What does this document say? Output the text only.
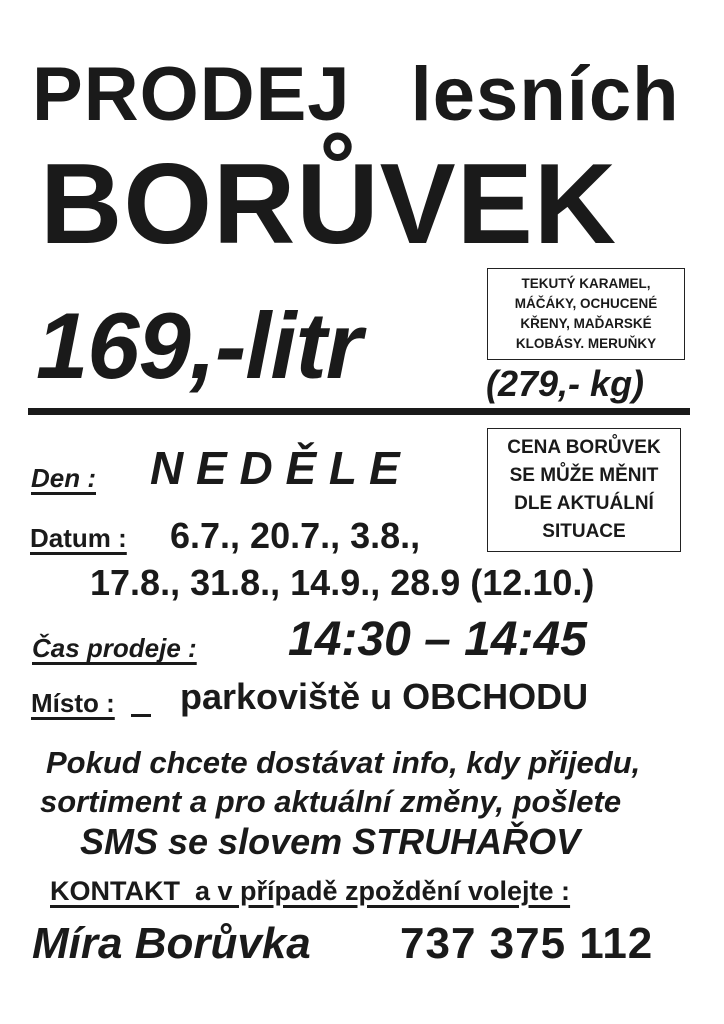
PRODEJ lesních
BORŮVEK
169,-litr
TEKUTÝ KARAMEL,
MÁČÁKY, OCHUCENÉ
KŘENY, MAĎARSKÉ
KLOBÁSY. MERUŇKY
(279,- kg)
Den : N E D Ě L E	CENA BORŮVEK
SE MŮŽE MĚNIT
DLE AKTUÁLNÍ
SITUACE
Datum : 6.7., 20.7., 3.8.,
17.8., 31.8., 14.9., 28.9 (12.10.)
Čas prodeje : 14:30 – 14:45
Místo : parkoviště u OBCHODU
Pokud chcete dostávat info, kdy přijedu,
sortiment a pro aktuální změny, pošlete
SMS se slovem STRUHAŘOV
KONTAKT  a v případě zpoždění volejte :
Míra Borůvka 737 375 112
